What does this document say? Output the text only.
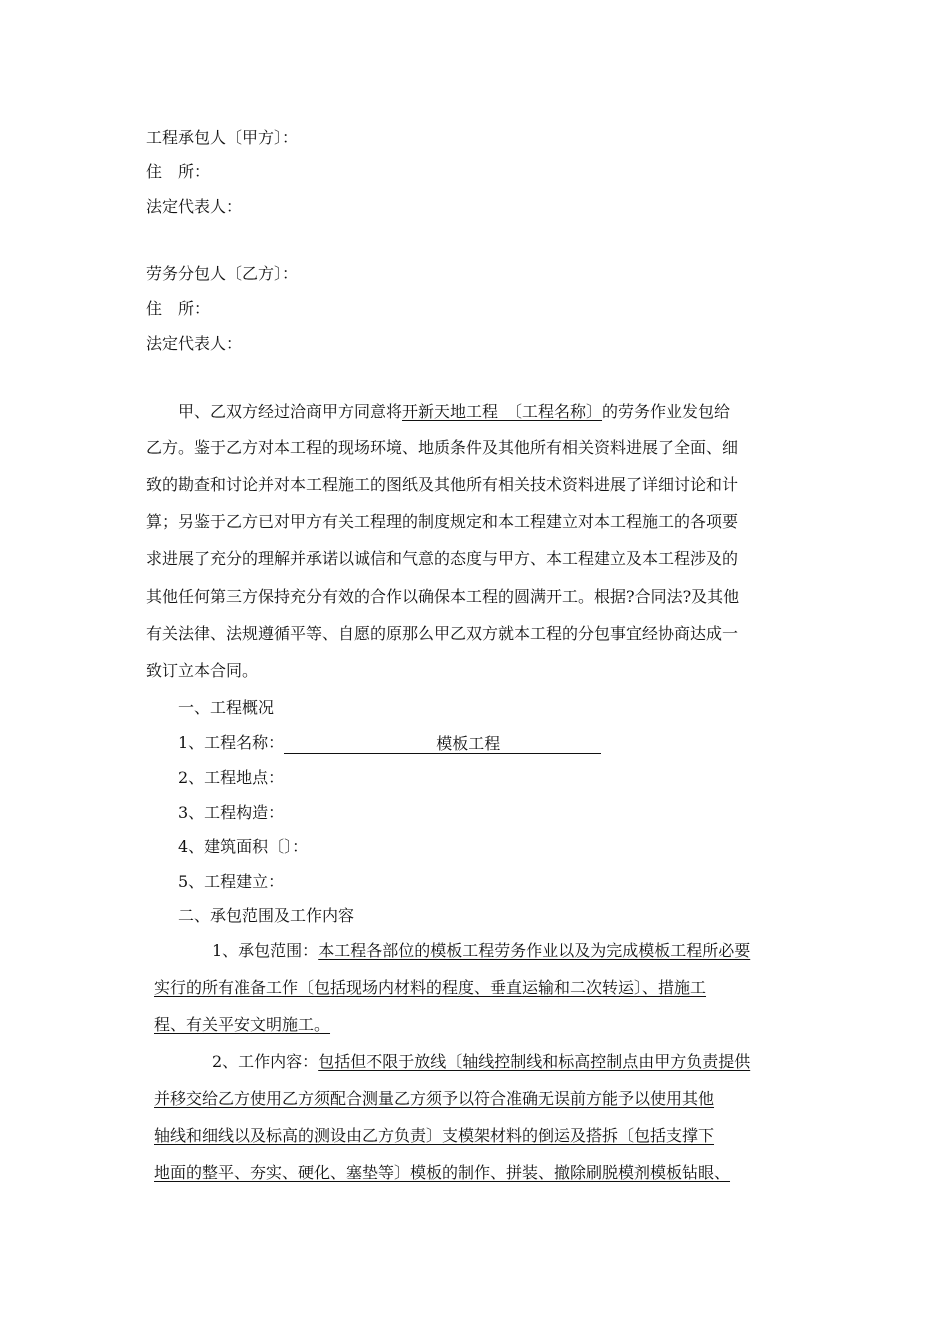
工程承包人〔甲方〕：
住　所：
法定代表人：
劳务分包人〔乙方〕：
住　所：
法定代表人：
甲、乙双方经过洽商甲方同意将开新天地工程　〔工程名称〕的劳务作业发包给
乙方。鉴于乙方对本工程的现场环境、地质条件及其他所有相关资料进展了全面、细
致的勘查和讨论并对本工程施工的图纸及其他所有相关技术资料进展了详细讨论和计
算；另鉴于乙方已对甲方有关工程理的制度规定和本工程建立对本工程施工的各项要
求进展了充分的理解并承诺以诚信和气意的态度与甲方、本工程建立及本工程涉及的
其他任何第三方保持充分有效的合作以确保本工程的圆满开工。根据?合同法?及其他
有关法律、法规遵循平等、自愿的原那么甲乙双方就本工程的分包事宜经协商达成一
致订立本合同。
一、工程概况
1、工程名称：	模板工程
2、工程地点：
3、工程构造：
4、建筑面积〔〕：
5、工程建立：
二、承包范围及工作内容
1、承包范围：本工程各部位的模板工程劳务作业以及为完成模板工程所必要
实行的所有准备工作〔包括现场内材料的程度、垂直运输和二次转运〕、措施工
程、有关平安文明施工。
2、工作内容：包括但不限于放线〔轴线控制线和标高控制点由甲方负责提供
并移交给乙方使用乙方须配合测量乙方须予以符合准确无误前方能予以使用其他
轴线和细线以及标高的测设由乙方负责〕支模架材料的倒运及搭拆〔包括支撑下
地面的整平、夯实、硬化、塞垫等〕模板的制作、拼装、撤除刷脱模剂模板钻眼、
